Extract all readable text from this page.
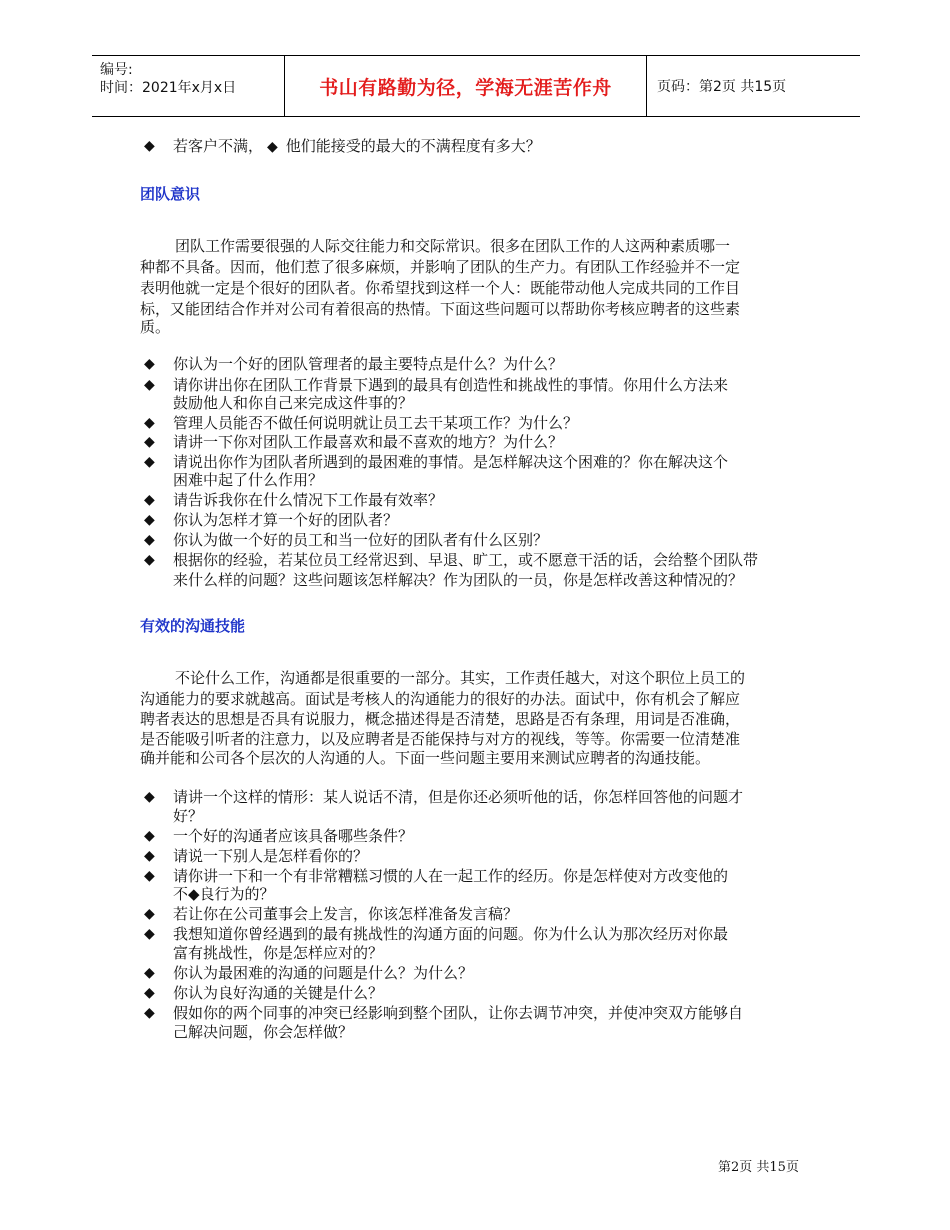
编号:
时间：2021年x月x日	书山有路勤为径，学海无涯苦作舟	页码：第2页 共15页
◆ 若客户不满， ◆ 他们能接受的最大的不满程度有多大？
团队意识
团队工作需要很强的人际交往能力和交际常识。很多在团队工作的人这两种素质哪一
种都不具备。因而，他们惹了很多麻烦，并影响了团队的生产力。有团队工作经验并不一定
表明他就一定是个很好的团队者。你希望找到这样一个人：既能带动他人完成共同的工作目
标，又能团结合作并对公司有着很高的热情。下面这些问题可以帮助你考核应聘者的这些素
质。
◆ 你认为一个好的团队管理者的最主要特点是什么？为什么？
◆ 请你讲出你在团队工作背景下遇到的最具有创造性和挑战性的事情。你用什么方法来
鼓励他人和你自己来完成这件事的？
◆ 管理人员能否不做任何说明就让员工去干某项工作？为什么？
◆ 请讲一下你对团队工作最喜欢和最不喜欢的地方？为什么？
◆ 请说出你作为团队者所遇到的最困难的事情。是怎样解决这个困难的？你在解决这个
困难中起了什么作用？
◆ 请告诉我你在什么情况下工作最有效率？
◆ 你认为怎样才算一个好的团队者？
◆ 你认为做一个好的员工和当一位好的团队者有什么区别？
◆ 根据你的经验，若某位员工经常迟到、早退、旷工，或不愿意干活的话，会给整个团队带
来什么样的问题？这些问题该怎样解决？作为团队的一员，你是怎样改善这种情况的？
有效的沟通技能
不论什么工作，沟通都是很重要的一部分。其实，工作责任越大，对这个职位上员工的
沟通能力的要求就越高。面试是考核人的沟通能力的很好的办法。面试中，你有机会了解应
聘者表达的思想是否具有说服力，概念描述得是否清楚，思路是否有条理，用词是否准确，
是否能吸引听者的注意力，以及应聘者是否能保持与对方的视线，等等。你需要一位清楚准
确并能和公司各个层次的人沟通的人。下面一些问题主要用来测试应聘者的沟通技能。
◆ 请讲一个这样的情形：某人说话不清，但是你还必须听他的话，你怎样回答他的问题才
好？
◆ 一个好的沟通者应该具备哪些条件？
◆ 请说一下别人是怎样看你的？
◆ 请你讲一下和一个有非常糟糕习惯的人在一起工作的经历。你是怎样使对方改变他的
不◆良行为的？
◆ 若让你在公司董事会上发言，你该怎样准备发言稿？
◆ 我想知道你曾经遇到的最有挑战性的沟通方面的问题。你为什么认为那次经历对你最
富有挑战性，你是怎样应对的？
◆ 你认为最困难的沟通的问题是什么？为什么？
◆ 你认为良好沟通的关键是什么？
◆ 假如你的两个同事的冲突已经影响到整个团队，让你去调节冲突，并使冲突双方能够自
己解决问题，你会怎样做？
第2页 共15页
